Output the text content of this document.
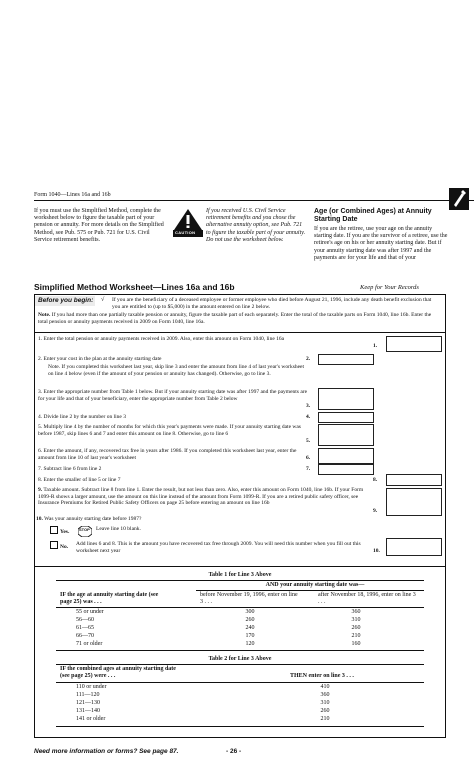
Form 1040—Lines 16a and 16b
If you must use the Simplified Method, complete the worksheet below to figure the taxable part of your pension or annuity. For more details on the Simplified Method, see Pub. 575 or Pub. 721 for U.S. Civil Service retirement benefits.
CAUTION
If you received U.S. Civil Service retirement benefits and you chose the alternative annuity option, see Pub. 721 to figure the taxable part of your annuity. Do not use the worksheet below.
Age (or Combined Ages) at Annuity Starting Date
If you are the retiree, use your age on the annuity starting date. If you are the survivor of a retiree, use the retiree's age on his or her annuity starting date. But if your annuity starting date was after 1997 and the payments are for your life and that of your
Simplified Method Worksheet—Lines 16a and 16b	Keep for Your Records
Before you begin: √ If you are the beneficiary of a deceased employee or former employee who died before August 21, 1996, include any death benefit exclusion that you are entitled to (up to $5,000) in the amount entered on line 2 below.
Note. If you had more than one partially taxable pension or annuity, figure the taxable part of each separately. Enter the total of the taxable parts on Form 1040, line 16b. Enter the total pension or annuity payments received in 2009 on Form 1040, line 16a.
1. Enter the total pension or annuity payments received in 2009. Also, enter this amount on Form 1040, line 16a
1.
2. Enter your cost in the plan at the annuity starting date	2.
Note. If you completed this worksheet last year, skip line 3 and enter the amount from line 4 of last year's worksheet on line 4 below (even if the amount of your pension or annuity has changed). Otherwise, go to line 3.
3. Enter the appropriate number from Table 1 below. But if your annuity starting date was after 1997 and the payments are for your life and that of your beneficiary, enter the appropriate number from Table 2 below
3.
4. Divide line 2 by the number on line 3	4.
5. Multiply line 4 by the number of months for which this year's payments were made. If your annuity starting date was before 1987, skip lines 6 and 7 and enter this amount on line 8. Otherwise, go to line 6
5.
6. Enter the amount, if any, recovered tax free in years after 1986. If you completed this worksheet last year, enter the amount from line 10 of last year's worksheet	6.
7. Subtract line 6 from line 2	7.
8. Enter the smaller of line 5 or line 7	8.
9. Taxable amount. Subtract line 8 from line 1. Enter the result, but not less than zero. Also, enter this amount on Form 1040, line 16b. If your Form 1099-R shows a larger amount, use the amount on this line instead of the amount from Form 1099-R. If you are a retired public safety officer, see Insurance Premiums for Retired Public Safety Officers on page 25 before entering an amount on line 16b
9.
10. Was your annuity starting date before 1987?
Yes. STOP Leave line 10 blank.
No. Add lines 6 and 8. This is the amount you have recovered tax free through 2009. You will need this number when you fill out this worksheet next year	10.
Table 1 for Line 3 Above
AND your annuity starting date was—
IF the age at annuity starting date (see page 25) was . . .
before November 19, 1996, enter on line 3 . . .
after November 18, 1996, enter on line 3 . . .
55 or under	300	360
56—60	260	310
61—65	240	260
66—70	170	210
71 or older	120	160
Table 2 for Line 3 Above
IF the combined ages at annuity starting date (see page 25) were . . .	THEN enter on line 3 . . .
110 or under	410
111—120	360
121—130	310
131—140	260
141 or older	210
Need more information or forms? See page 87.	- 26 -
